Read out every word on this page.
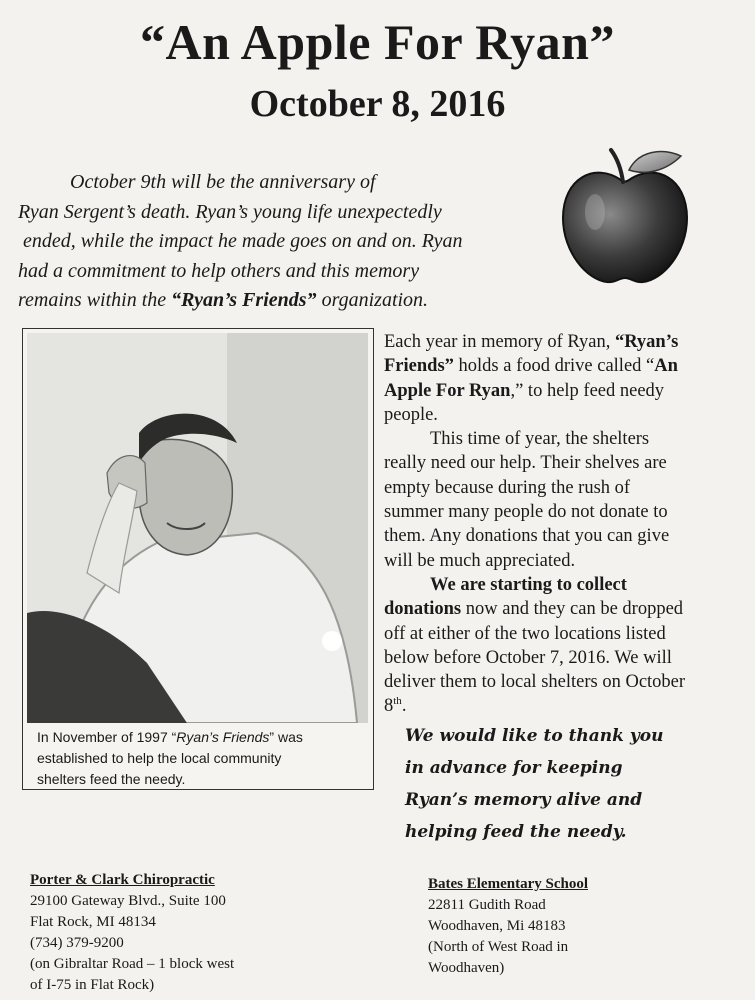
“An Apple For Ryan”
October 8, 2016
October 9th will be the anniversary of
Ryan Sergent’s death. Ryan’s young life unexpectedly
ended, while the impact he made goes on and on. Ryan
had a commitment to help others and this memory
remains within the “Ryan’s Friends” organization.
In November of 1997 “Ryan’s Friends” was
established to help the local community
shelters feed the needy.
Each year in memory of Ryan, “Ryan’s
Friends” holds a food drive called “An
Apple For Ryan,” to help feed needy
people.
This time of year, the shelters
really need our help. Their shelves are
empty because during the rush of
summer many people do not donate to
them. Any donations that you can give
will be much appreciated.
We are starting to collect
donations now and they can be dropped
off at either of the two locations listed
below before October 7, 2016. We will
deliver them to local shelters on October
8th.
We would like to thank you
in advance for keeping
Ryan’s memory alive and
helping feed the needy.
Porter & Clark Chiropractic
29100 Gateway Blvd., Suite 100
Flat Rock, MI 48134
(734) 379-9200
(on Gibraltar Road – 1 block west
of I-75 in Flat Rock)
Bates Elementary School
22811 Gudith Road
Woodhaven, Mi 48183
(North of West Road in
Woodhaven)
